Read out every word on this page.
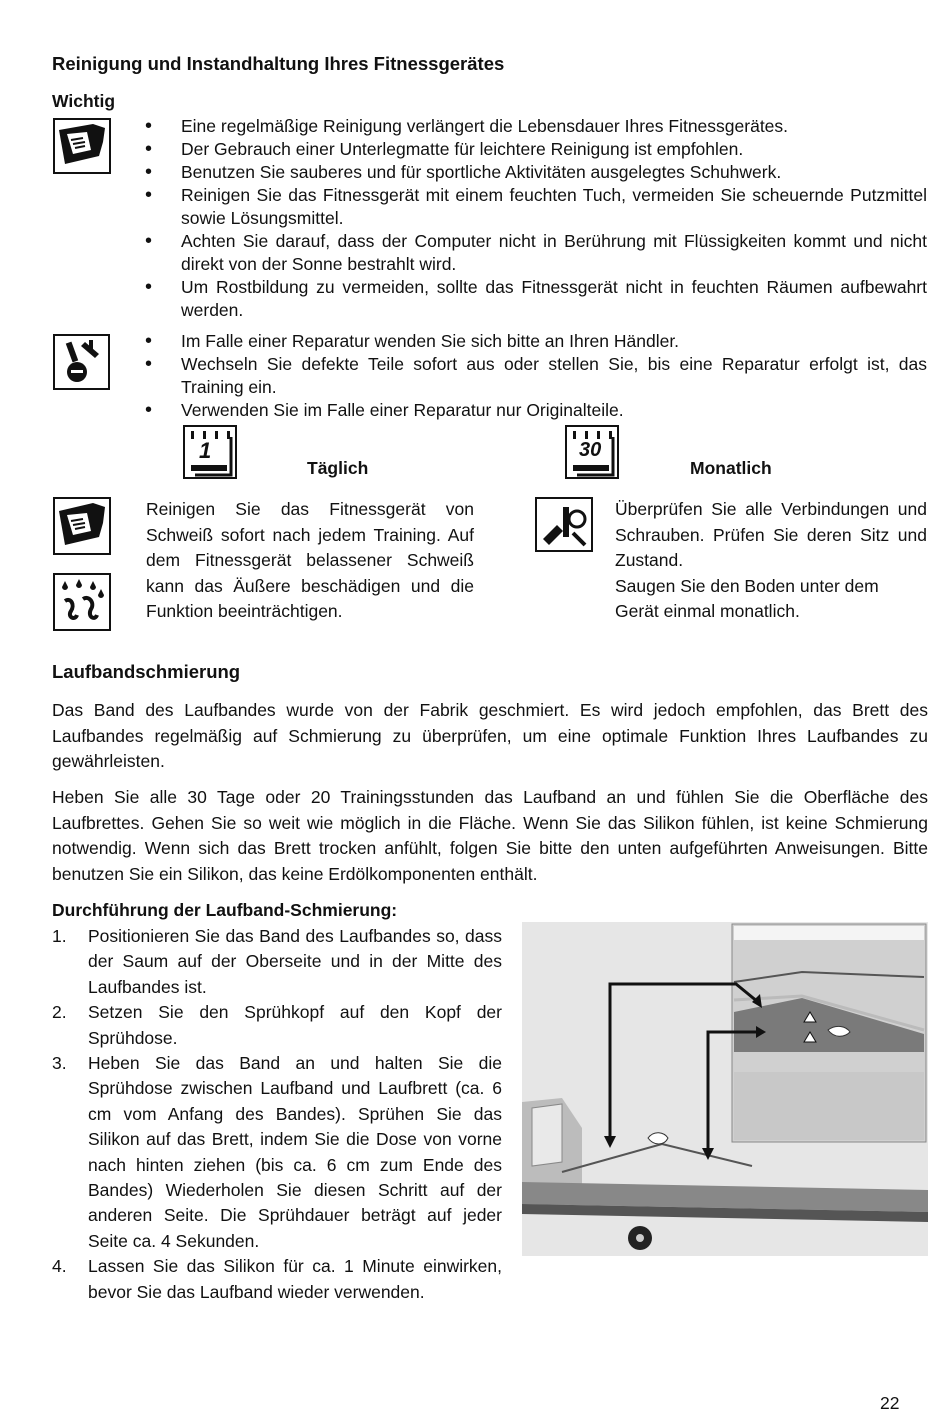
Reinigung und Instandhaltung Ihres Fitnessgerätes
Wichtig
• Eine regelmäßige Reinigung verlängert die Lebensdauer Ihres Fitnessgerätes.
• Der Gebrauch einer Unterlegmatte für leichtere Reinigung ist empfohlen.
• Benutzen Sie sauberes und für sportliche Aktivitäten ausgelegtes Schuhwerk.
• Reinigen Sie das Fitnessgerät mit einem feuchten Tuch, vermeiden Sie scheuernde Putzmittel sowie Lösungsmittel.
• Achten Sie darauf, dass der Computer nicht in Berührung mit Flüssigkeiten kommt und nicht direkt von der Sonne bestrahlt wird.
• Um Rostbildung zu vermeiden, sollte das Fitnessgerät nicht in feuchten Räumen aufbewahrt werden.
• Im Falle einer Reparatur wenden Sie sich bitte an Ihren Händler.
• Wechseln Sie defekte Teile sofort aus oder stellen Sie, bis eine Reparatur erfolgt ist, das Training ein.
• Verwenden Sie im Falle einer Reparatur nur Originalteile.
1
Täglich
30
Monatlich
Reinigen Sie das Fitnessgerät von Schweiß sofort nach jedem Training. Auf dem Fitnessgerät belassener Schweiß kann das Äußere beschädigen und die Funktion beeinträchtigen.
Überprüfen Sie alle Verbindungen und Schrauben. Prüfen Sie deren Sitz und Zustand.
Saugen Sie den Boden unter dem Gerät einmal monatlich.
Laufbandschmierung

Das Band des Laufbandes wurde von der Fabrik geschmiert. Es wird jedoch empfohlen, das Brett des Laufbandes regelmäßig auf Schmierung zu überprüfen, um eine optimale Funktion Ihres Laufbandes zu gewährleisten.

Heben Sie alle 30 Tage oder 20 Trainingsstunden das Laufband an und fühlen Sie die Oberfläche des Laufbrettes. Gehen Sie so weit wie möglich in die Fläche. Wenn Sie das Silikon fühlen, ist keine Schmierung notwendig. Wenn sich das Brett trocken anfühlt, folgen Sie bitte den unten aufgeführten Anweisungen. Bitte benutzen Sie ein Silikon, das keine Erdölkomponenten enthält.

Durchführung der Laufband-Schmierung:
1. Positionieren Sie das Band des Laufbandes so, dass der Saum auf der Oberseite und in der Mitte des Laufbandes ist.
2. Setzen Sie den Sprühkopf auf den Kopf der Sprühdose.
3. Heben Sie das Band an und halten Sie die Sprühdose zwischen Laufband und Laufbrett (ca. 6 cm vom Anfang des Bandes). Sprühen Sie das Silikon auf das Brett, indem Sie die Dose von vorne nach hinten ziehen (bis ca. 6 cm zum Ende des Bandes) Wiederholen Sie diesen Schritt auf der anderen Seite. Die Sprühdauer beträgt auf jeder Seite ca. 4 Sekunden.
4. Lassen Sie das Silikon für ca. 1 Minute einwirken, bevor Sie das Laufband wieder verwenden.
22
